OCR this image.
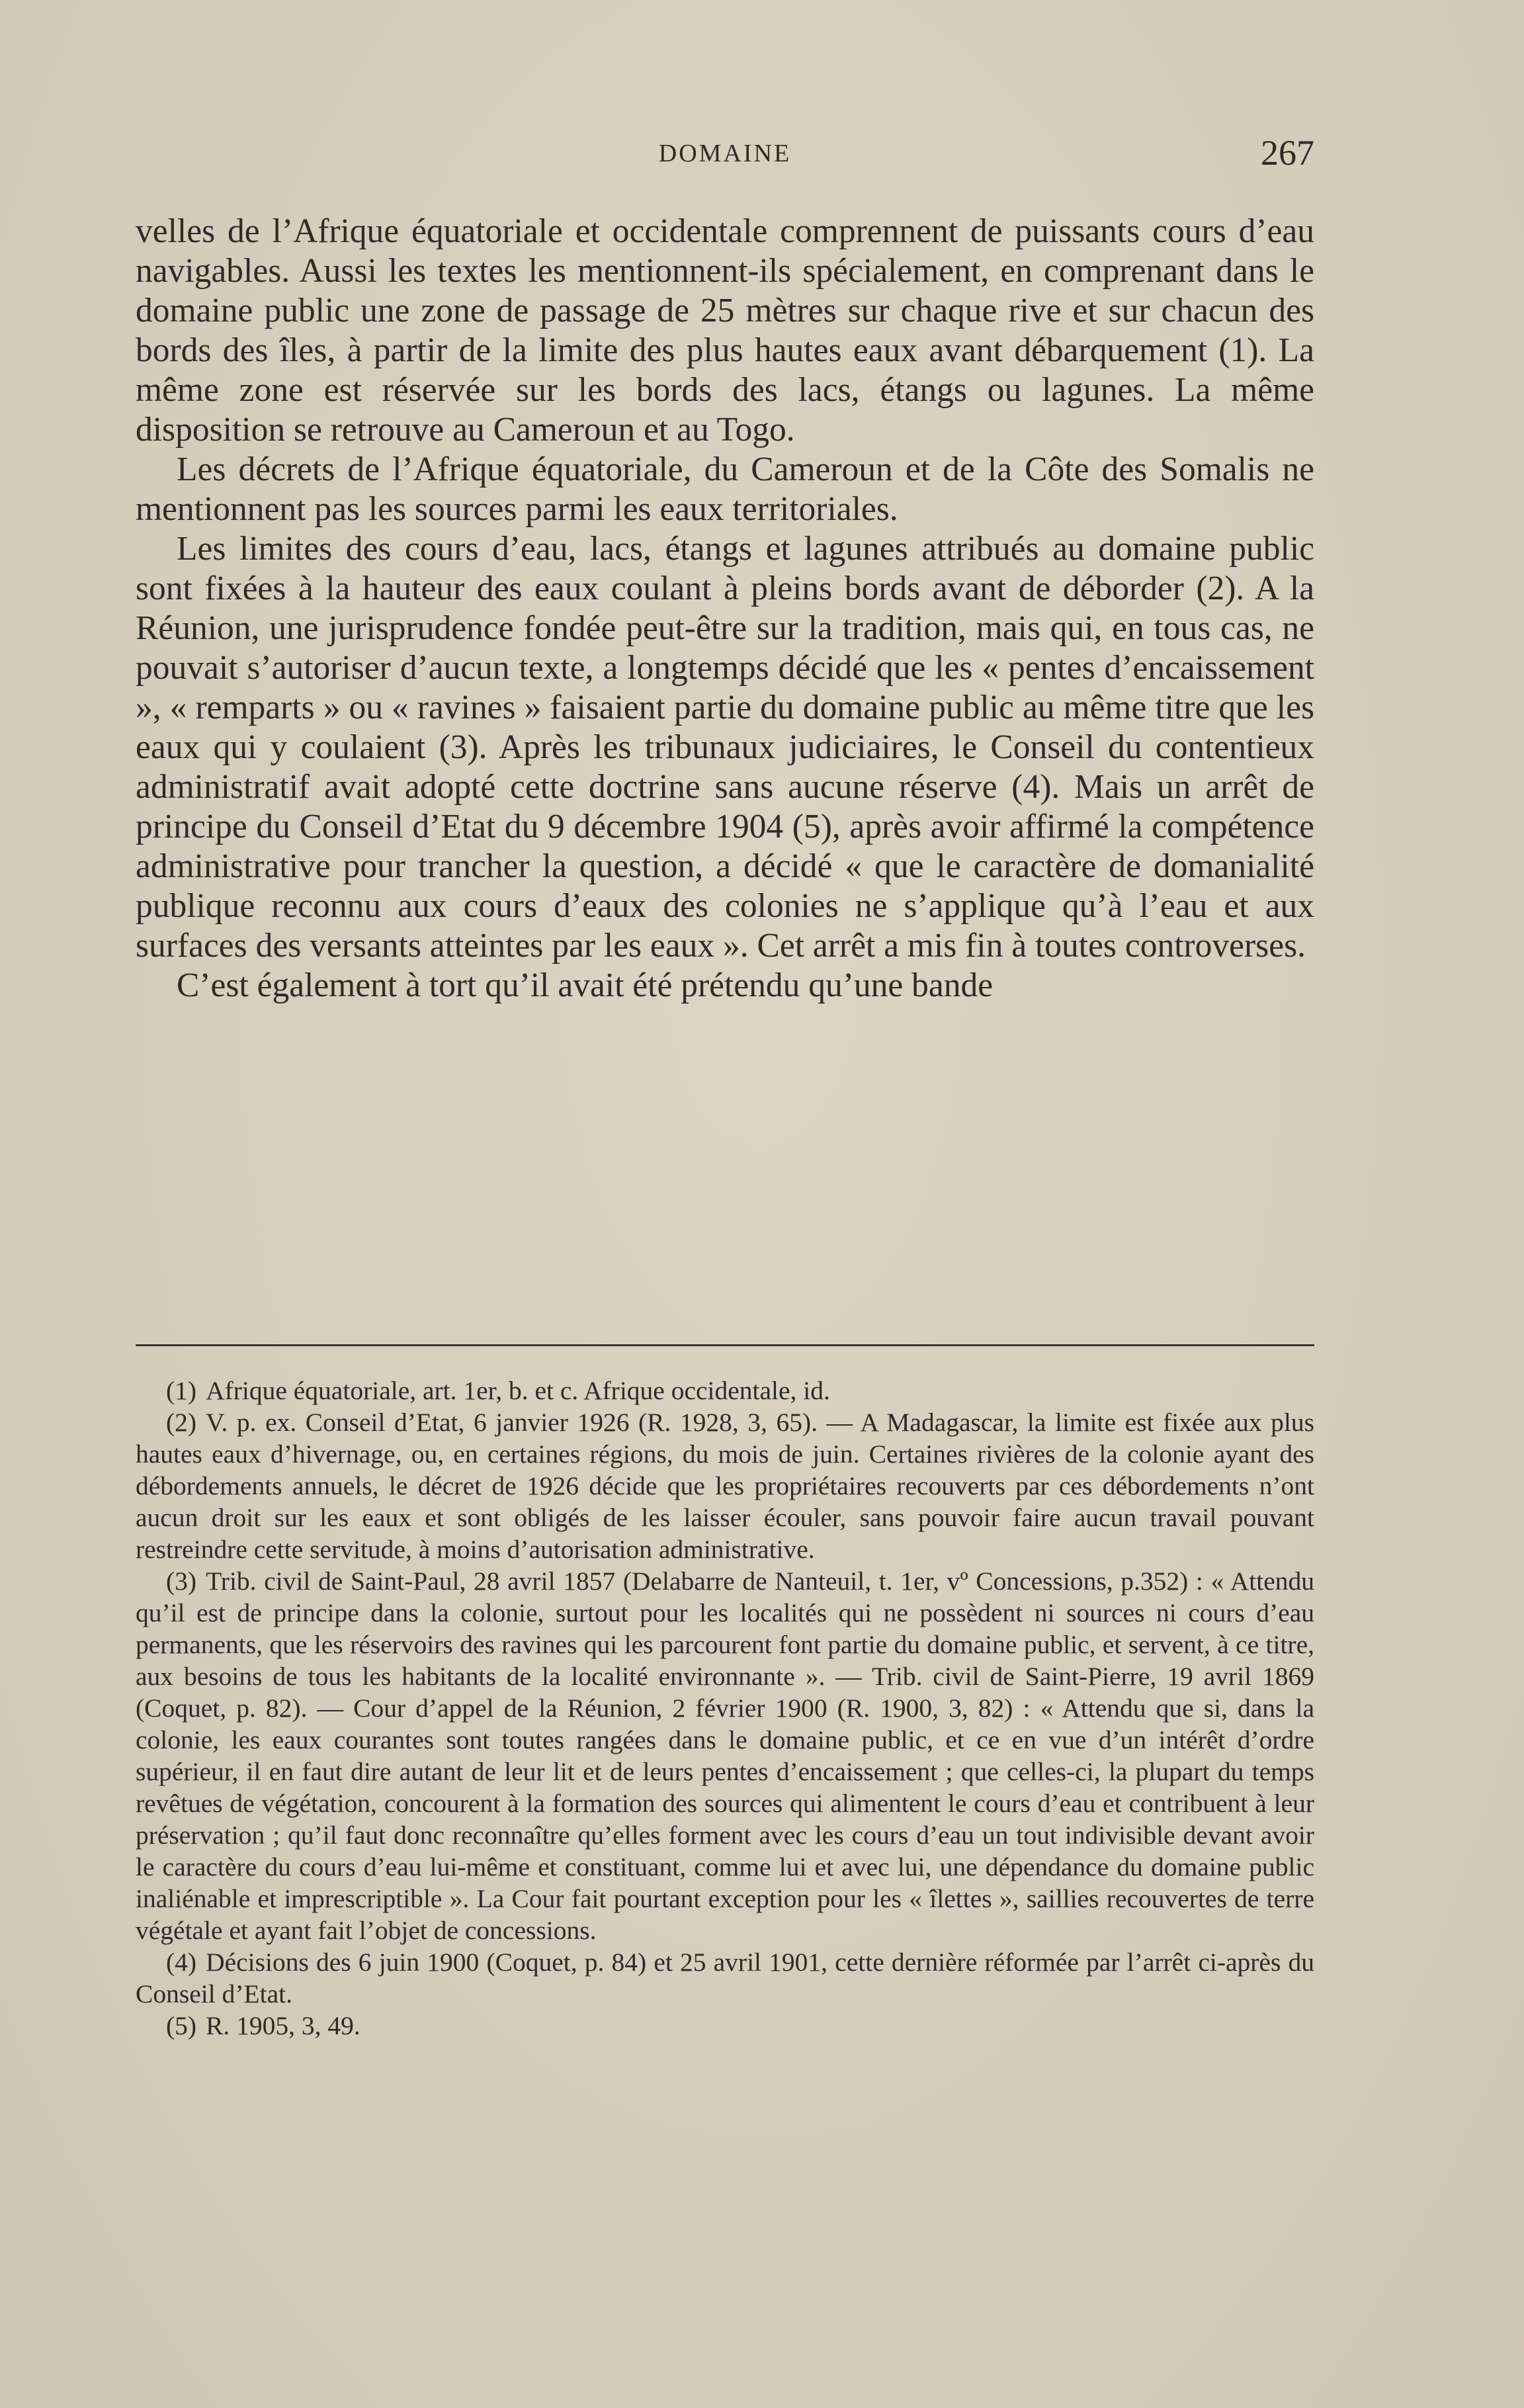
DOMAINE	267

velles de l’Afrique équatoriale et occidentale comprennent de puissants cours d’eau navigables. Aussi les textes les mentionnent-ils spécialement, en comprenant dans le domaine public une zone de passage de 25 mètres sur chaque rive et sur chacun des bords des îles, à partir de la limite des plus hautes eaux avant débarquement (1). La même zone est réservée sur les bords des lacs, étangs ou lagunes. La même disposition se retrouve au Cameroun et au Togo.

Les décrets de l’Afrique équatoriale, du Cameroun et de la Côte des Somalis ne mentionnent pas les sources parmi les eaux territoriales.

Les limites des cours d’eau, lacs, étangs et lagunes attribués au domaine public sont fixées à la hauteur des eaux coulant à pleins bords avant de déborder (2). A la Réunion, une jurisprudence fondée peut-être sur la tradition, mais qui, en tous cas, ne pouvait s’autoriser d’aucun texte, a longtemps décidé que les « pentes d’encaissement », « remparts » ou « ravines » faisaient partie du domaine public au même titre que les eaux qui y coulaient (3). Après les tribunaux judiciaires, le Conseil du contentieux administratif avait adopté cette doctrine sans aucune réserve (4). Mais un arrêt de principe du Conseil d’Etat du 9 décembre 1904 (5), après avoir affirmé la compétence administrative pour trancher la question, a décidé « que le caractère de domanialité publique reconnu aux cours d’eaux des colonies ne s’applique qu’à l’eau et aux surfaces des versants atteintes par les eaux ». Cet arrêt a mis fin à toutes controverses.

C’est également à tort qu’il avait été prétendu qu’une bande

(1) Afrique équatoriale, art. 1er, b. et c. Afrique occidentale, id.

(2) V. p. ex. Conseil d’Etat, 6 janvier 1926 (R. 1928, 3, 65). — A Madagascar, la limite est fixée aux plus hautes eaux d’hivernage, ou, en certaines régions, du mois de juin. Certaines rivières de la colonie ayant des débordements annuels, le décret de 1926 décide que les propriétaires recouverts par ces débordements n’ont aucun droit sur les eaux et sont obligés de les laisser écouler, sans pouvoir faire aucun travail pouvant restreindre cette servitude, à moins d’autorisation administrative.

(3) Trib. civil de Saint-Paul, 28 avril 1857 (Delabarre de Nanteuil, t. 1er, vº Concessions, p.352) : « Attendu qu’il est de principe dans la colonie, surtout pour les localités qui ne possèdent ni sources ni cours d’eau permanents, que les réservoirs des ravines qui les parcourent font partie du domaine public, et servent, à ce titre, aux besoins de tous les habitants de la localité environnante ». — Trib. civil de Saint-Pierre, 19 avril 1869 (Coquet, p. 82). — Cour d’appel de la Réunion, 2 février 1900 (R. 1900, 3, 82) : « Attendu que si, dans la colonie, les eaux courantes sont toutes rangées dans le domaine public, et ce en vue d’un intérêt d’ordre supérieur, il en faut dire autant de leur lit et de leurs pentes d’encaissement ; que celles-ci, la plupart du temps revêtues de végétation, concourent à la formation des sources qui alimentent le cours d’eau et contribuent à leur préservation ; qu’il faut donc reconnaître qu’elles forment avec les cours d’eau un tout indivisible devant avoir le caractère du cours d’eau lui-même et constituant, comme lui et avec lui, une dépendance du domaine public inaliénable et imprescriptible ». La Cour fait pourtant exception pour les « îlettes », saillies recouvertes de terre végétale et ayant fait l’objet de concessions.

(4) Décisions des 6 juin 1900 (Coquet, p. 84) et 25 avril 1901, cette dernière réformée par l’arrêt ci-après du Conseil d’Etat.

(5) R. 1905, 3, 49.
